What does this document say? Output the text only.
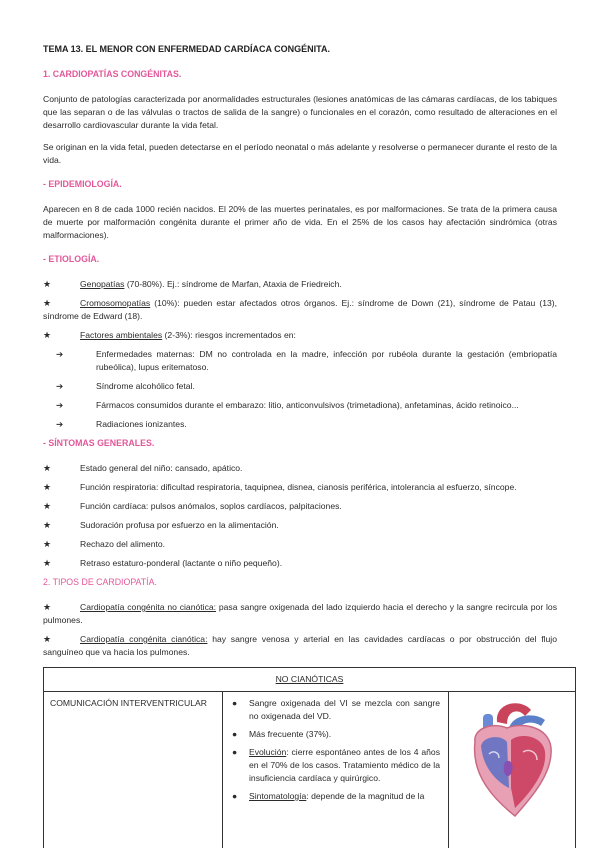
TEMA 13. EL MENOR CON ENFERMEDAD CARDÍACA CONGÉNITA.
1. CARDIOPATÍAS CONGÉNITAS.

Conjunto de patologías caracterizada por anormalidades estructurales (lesiones anatómicas de las cámaras cardíacas, de los tabiques que las separan o de las válvulas o tractos de salida de la sangre) o funcionales en el corazón, como resultado de alteraciones en el desarrollo cardiovascular durante la vida fetal.

Se originan en la vida fetal, pueden detectarse en el período neonatal o más adelante y resolverse o permanecer durante el resto de la vida.

- EPIDEMIOLOGÍA.

Aparecen en 8 de cada 1000 recién nacidos. El 20% de las muertes perinatales, es por malformaciones. Se trata de la primera causa de muerte por malformación congénita durante el primer año de vida. En el 25% de los casos hay afectación sindrómica (otras malformaciones).

- ETIOLOGÍA.
★	Genopatías (70-80%). Ej.: síndrome de Marfan, Ataxia de Friedreich.
★	Cromosomopatías (10%): pueden estar afectados otros órganos. Ej.: síndrome de Down (21), síndrome de Patau (13), síndrome de Edward (18).
★	Factores ambientales (2-3%): riesgos incrementados en:
➔	Enfermedades maternas: DM no controlada en la madre, infección por rubéola durante la gestación (embriopatía rubeólica), lupus eritematoso.
➔	Síndrome alcohólico fetal.
➔	Fármacos consumidos durante el embarazo: litio, anticonvulsivos (trimetadiona), anfetaminas, ácido retinoico...
➔	Radiaciones ionizantes.
- SÍNTOMAS GENERALES.
★	Estado general del niño: cansado, apático.
★	Función respiratoria: dificultad respiratoria, taquipnea, disnea, cianosis periférica, intolerancia al esfuerzo, síncope.
★	Función cardíaca: pulsos anómalos, soplos cardíacos, palpitaciones.
★	Sudoración profusa por esfuerzo en la alimentación.
★	Rechazo del alimento.
★	Retraso estaturo-ponderal (lactante o niño pequeño).
2. TIPOS DE CARDIOPATÍA.
★	Cardiopatía congénita no cianótica: pasa sangre oxigenada del lado izquierdo hacia el derecho y la sangre recircula por los pulmones.
★	Cardiopatía congénita cianótica: hay sangre venosa y arterial en las cavidades cardíacas o por obstrucción del flujo sanguíneo que va hacia los pulmones.
NO CIANÓTICAS
COMUNICACIÓN INTERVENTRICULAR	●	Sangre oxigenada del VI se mezcla con sangre no oxigenada del VD.
●	Más frecuente (37%).
●	Evolución: cierre espontáneo antes de los 4 años en el 70% de los casos. Tratamiento médico de la insuficiencia cardíaca y quirúrgico.
●	Sintomatología: depende de la magnitud de la
